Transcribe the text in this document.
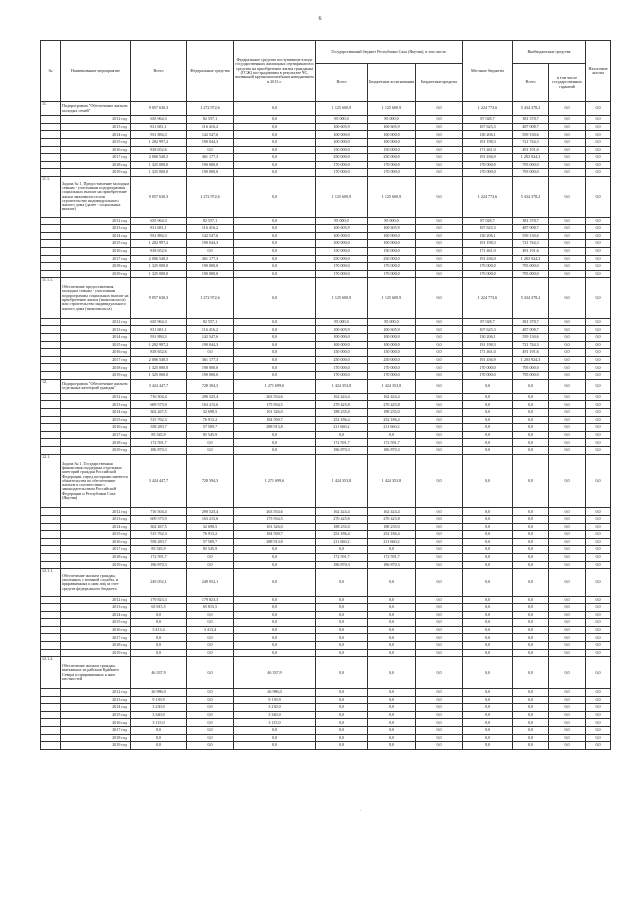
6
№	Наименование мероприятие	Всего	Федеральные средства	Федеральные средства поступившие в виде государственных жилищных сертификатов и средства на приобретение жилья гражданам (ГСЖ) пострадавшим в результате ЧС, вызванной крупномасштабным наводнением в 2013 г.	Государственный бюджет Республики Саха (Якутия), в том числе:			Местные бюджеты	Внебюджетные средства		Налоговые льготы
					Всего	Бюджетные ассигнования	Бюджетные кредиты		Всего	в том числе государственных гарантий	
11.	Подпрограмма "Обеспечение жильем молодых семей"	9 057 630,3	1 272 972,6	0,0	1 125 600,9	1 125 600,9	0,0	1 224 773,6	5 434 378,2	0,0	0,0
	2012 год	635 964,3	82 557,1	0,0	85 000,0	85 000,0	0,0	87 028,7	381 378,7	0,0	0,0
	2013 год	811 681,1	116 416,2	0,0	100 605,9	100 605,9	0,0	107 625,3	487 008,7	0,0	0,0
	2014 год	931 884,3	142 547,6	0,0	100 000,0	100 000,0	0,0	130 206,1	559 130,6	0,0	0,0
	2015 год	1 202 997,2	190 044,3	0,0	100 000,0	100 000,0	0,0	191 198,3	721 744,3	0,0	0,0
	2016 год	818 652,6	0,0	0,0	150 000,0	150 000,0	0,0	171 461,0	491 191,6	0,0	0,0
	2017 год	2 006 540,5	361 177,3	0,0	250 000,0	250 000,0	0,0	191 436,9	1 203 924,3	0,0	0,0
	2018 год	1 325 000,0	190 000,0	0,0	170 000,0	170 000,0	0,0	170 000,0	795 000,0	0,0	0,0
	2019 год	1 325 000,0	190 000,0	0,0	170 000,0	170 000,0	0,0	170 000,0	795 000,0	0,0	0,0
11.1.	Задача № 1. Предоставление молодым семьям - участникам подпрограммы социальных выплат на приобретение жилья экономкласса или строительство индивидуального жилого дома (далее - социальных выплат)	9 057 630,3	1 272 972,6	0,0	1 125 600,9	1 125 600,9	0,0	1 224 773,6	5 434 378,2	0,0	0,0
	2012 год	635 964,3	82 557,1	0,0	85 000,0	85 000,0	0,0	87 028,7	381 378,7	0,0	0,0
	2013 год	811 681,1	116 416,2	0,0	100 605,9	100 605,9	0,0	107 625,3	487 008,7	0,0	0,0
	2014 год	931 884,3	142 547,6	0,0	100 000,0	100 000,0	0,0	130 206,1	559 130,6	0,0	0,0
	2015 год	1 202 997,2	190 044,3	0,0	100 000,0	100 000,0	0,0	191 198,3	721 744,3	0,0	0,0
	2016 год	818 652,6	0,0	0,0	150 000,0	150 000,0	0,0	171 461,0	491 191,6	0,0	0,0
	2017 год	2 006 540,5	361 177,3	0,0	250 000,0	250 000,0	0,0	191 436,9	1 203 924,3	0,0	0,0
	2018 год	1 325 000,0	190 000,0	0,0	170 000,0	170 000,0	0,0	170 000,0	795 000,0	0,0	0,0
	2019 год	1 325 000,0	190 000,0	0,0	170 000,0	170 000,0	0,0	170 000,0	795 000,0	0,0	0,0
11.1.1.	Обеспечение предоставления молодым семьям - участникам подпрограммы социальных выплат на приобретение жилья (экономкласса) или строительство индивидуального жилого дома (экономкласса)	9 057 630,3	1 272 972,6	0,0	1 125 600,9	1 125 600,9	0,0	1 224 773,6	5 434 378,2	0,0	0,0
	2012 год	635 964,3	82 557,1	0,0	85 000,0	85 000,0	0,0	87 028,7	381 378,7	0,0	0,0
	2013 год	811 681,1	116 416,2	0,0	100 605,9	100 605,9	0,0	107 625,3	487 008,7	0,0	0,0
	2014 год	931 884,3	142 547,6	0,0	100 000,0	100 000,0	0,0	130 206,1	559 130,6	0,0	0,0
	2015 год	1 202 997,2	190 044,3	0,0	100 000,0	100 000,0	0,0	191 198,3	721 744,3	0,0	0,0
	2016 год	818 652,6	0,0	0,0	150 000,0	150 000,0	0,0	171 461,0	491 191,6	0,0	0,0
	2017 год	2 006 540,5	361 177,3	0,0	250 000,0	250 000,0	0,0	191 436,9	1 203 924,3	0,0	0,0
	2018 год	1 325 000,0	190 000,0	0,0	170 000,0	170 000,0	0,0	170 000,0	795 000,0	0,0	0,0
	2019 год	1 325 000,0	190 000,0	0,0	170 000,0	170 000,0	0,0	170 000,0	795 000,0	0,0	0,0
12.	Подпрограмма "Обеспечение жильем отдельных категорий граждан"	3 424 447,7	728 394,3	1 271 699,6	1 424 353,8	1 424 353,8	0,0	0,0	0,0	0,0	0,0
	2012 год	716 504,4	290 525,4	263 554,6	162 424,4	162 424,4	0,0	0,0	0,0	0,0	0,0
	2013 год	609 575,9	163 215,6	175 934,5	270 425,8	270 425,8	0,0	0,0	0,0	0,0	0,0
	2014 год	302 267,5	32 698,5	101 326,0	188 235,0	188 235,0	0,0	0,0	0,0	0,0	0,0
	2015 год	515 762,3	76 913,2	184 590,7	252 186,4	252 186,4	0,0	0,0	0,0	0,0	0,0
	2016 год	558 283,7	57 509,7	288 913,8	211 660,2	211 660,2	0,0	0,0	0,0	0,0	0,0
	2017 год	85 545,9	85 545,9	0,0	0,0	0,0	0,0	0,0	0,0	0,0	0,0
	2018 год	172 591,7	0,0	0,0	172 591,7	172 591,7	0,0	0,0	0,0	0,0	0,0
	2019 год	186 870,3	0,0	0,0	186 870,3	186 870,3	0,0	0,0	0,0	0,0	0,0
12.1.	Задача № 1. Государственная финансовая поддержка отдельных категорий граждан Российской Федерации, перед которыми имеются обязательства по обеспечению жильем в соответствии с законодательством Российской Федерации и Республики Саха (Якутия)	3 424 447,7	728 394,3	1 271 699,6	1 424 353,8	1 424 353,8	0,0	0,0	0,0	0,0	0,0
	2012 год	716 504,4	290 525,4	263 554,6	162 424,4	162 424,4	0,0	0,0	0,0	0,0	0,0
	2013 год	609 575,9	163 215,6	175 934,5	270 425,8	270 425,8	0,0	0,0	0,0	0,0	0,0
	2014 год	302 267,5	32 698,5	101 326,0	188 235,0	188 235,0	0,0	0,0	0,0	0,0	0,0
	2015 год	515 762,3	76 913,2	184 590,7	252 186,4	252 186,4	0,0	0,0	0,0	0,0	0,0
	2016 год	558 283,7	57 509,7	288 913,8	211 660,2	211 660,2	0,0	0,0	0,0	0,0	0,0
	2017 год	85 545,9	85 545,9	0,0	0,0	0,0	0,0	0,0	0,0	0,0	0,0
	2018 год	172 591,7	0,0	0,0	172 591,7	172 591,7	0,0	0,0	0,0	0,0	0,0
	2019 год	186 870,3	0,0	0,0	186 870,3	186 870,3	0,0	0,0	0,0	0,0	0,0
12.1.1.	Обеспечение жильем граждан, уволенных с военной службы, и приравненных к ним лиц за счет средств федерального бюджета	249 052,1	249 052,1	0,0	0,0	0,0	0,0	0,0	0,0	0,0	0,0
	2012 год	179 823,3	179 823,3	0,0	0,0	0,0	0,0	0,0	0,0	0,0	0,0
	2013 год	65 815,5	65 815,5	0,0	0,0	0,0	0,0	0,0	0,0	0,0	0,0
	2014 год	0,0	0,0	0,0	0,0	0,0	0,0	0,0	0,0	0,0	0,0
	2015 год	0,0	0,0	0,0	0,0	0,0	0,0	0,0	0,0	0,0	0,0
	2016 год	3 413,4	3 413,4	0,0	0,0	0,0	0,0	0,0	0,0	0,0	0,0
	2017 год	0,0	0,0	0,0	0,0	0,0	0,0	0,0	0,0	0,0	0,0
	2018 год	0,0	0,0	0,0	0,0	0,0	0,0	0,0	0,0	0,0	0,0
	2019 год	0,0	0,0	0,0	0,0	0,0	0,0	0,0	0,0	0,0	0,0
12.1.2.	Обеспечение жильем граждан, выехавших из районов Крайнего Севера и приравненных к ним местностей	46 337,9	0,0	46 337,9	0,0	0,0	0,0	0,0	0,0	0,0	0,0
	2012 год	26 986,0	0,0	26 986,0	0,0	0,0	0,0	0,0	0,0	0,0	0,0
	2013 год	9 139,9	0,0	9 139,9	0,0	0,0	0,0	0,0	0,0	0,0	0,0
	2014 год	3 230,0	0,0	3 230,0	0,0	0,0	0,0	0,0	0,0	0,0	0,0
	2015 год	3 340,0	0,0	3 340,0	0,0	0,0	0,0	0,0	0,0	0,0	0,0
	2016 год	3 115,0	0,0	3 115,0	0,0	0,0	0,0	0,0	0,0	0,0	0,0
	2017 год	0,0	0,0	0,0	0,0	0,0	0,0	0,0	0,0	0,0	0,0
	2018 год	0,0	0,0	0,0	0,0	0,0	0,0	0,0	0,0	0,0	0,0
	2019 год	0,0	0,0	0,0	0,0	0,0	0,0	0,0	0,0	0,0	0,0
.
